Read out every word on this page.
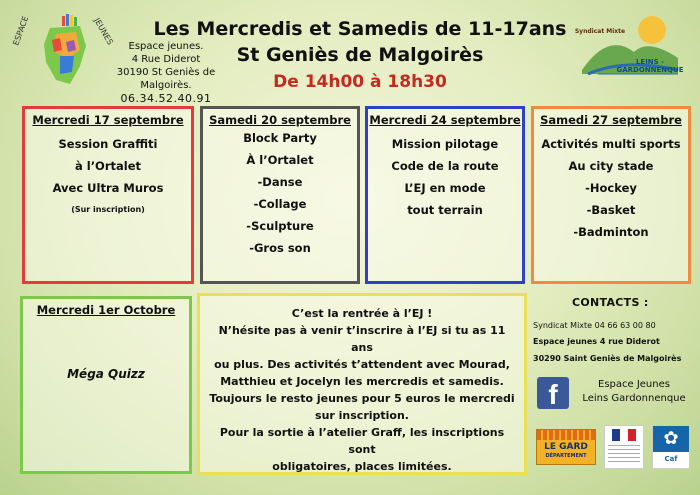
ESPACE	JEUNES
Espace jeunes.
4 Rue Diderot
30190 St Geniès de Malgoirès.
06.34.52.40.91
Les Mercredis et Samedis de 11-17ans
St Geniès de Malgoirès
De 14h00 à 18h30
Syndicat Mixte
LEINS - GARDONNENQUE
Mercredi 17 septembre
Session Graffiti
à l’Ortalet
Avec Ultra Muros
(Sur inscription)
Samedi 20 septembre
Block Party
À l’Ortalet
-Danse
-Collage
-Sculpture
-Gros son
Mercredi 24 septembre
Mission pilotage
Code de la route
L’EJ en mode
tout terrain
Samedi 27 septembre
Activités multi sports
Au city stade
-Hockey
-Basket
-Badminton
Mercredi 1er Octobre
Méga Quizz
C’est la rentrée à l’EJ !
N’hésite pas à venir t’inscrire à l’EJ si tu as 11 ans
ou plus. Des activités t’attendent avec Mourad,
Matthieu et Jocelyn les mercredis et samedis.
Toujours le resto jeunes pour 5 euros le mercredi
sur inscription.
Pour la sortie à l’atelier Graff, les inscriptions sont
obligatoires, places limitées.
CONTACTS :
Syndicat Mixte 04 66 63 00 80
Espace jeunes 4 rue Diderot
30290 Saint Geniès de Malgoirès
f	Espace Jeunes
Leins Gardonnenque
LE GARD
DÉPARTEMENT
✿
Caf
